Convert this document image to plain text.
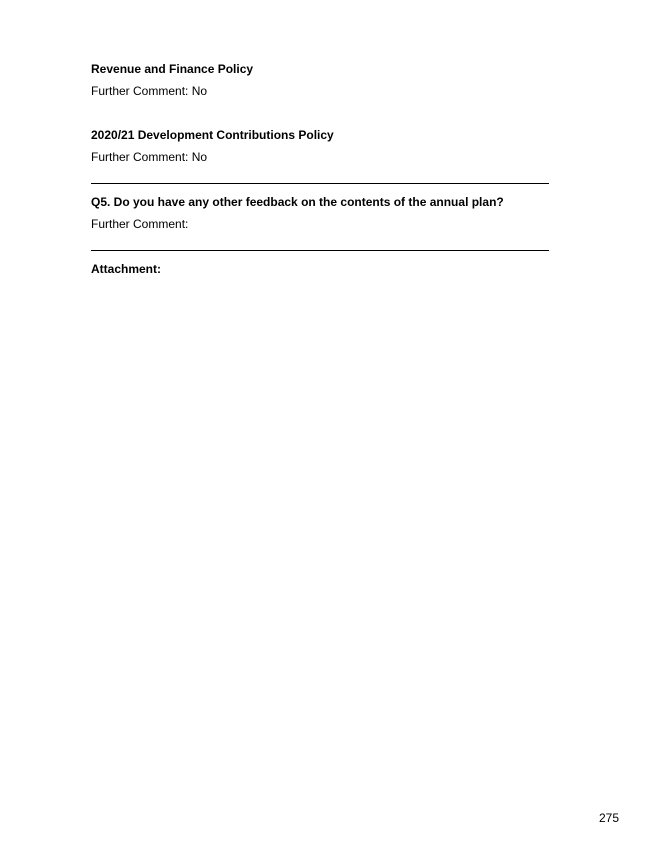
Revenue and Finance Policy
Further Comment: No
2020/21 Development Contributions Policy
Further Comment: No
Q5. Do you have any other feedback on the contents of the annual plan?
Further Comment:
Attachment:
275
